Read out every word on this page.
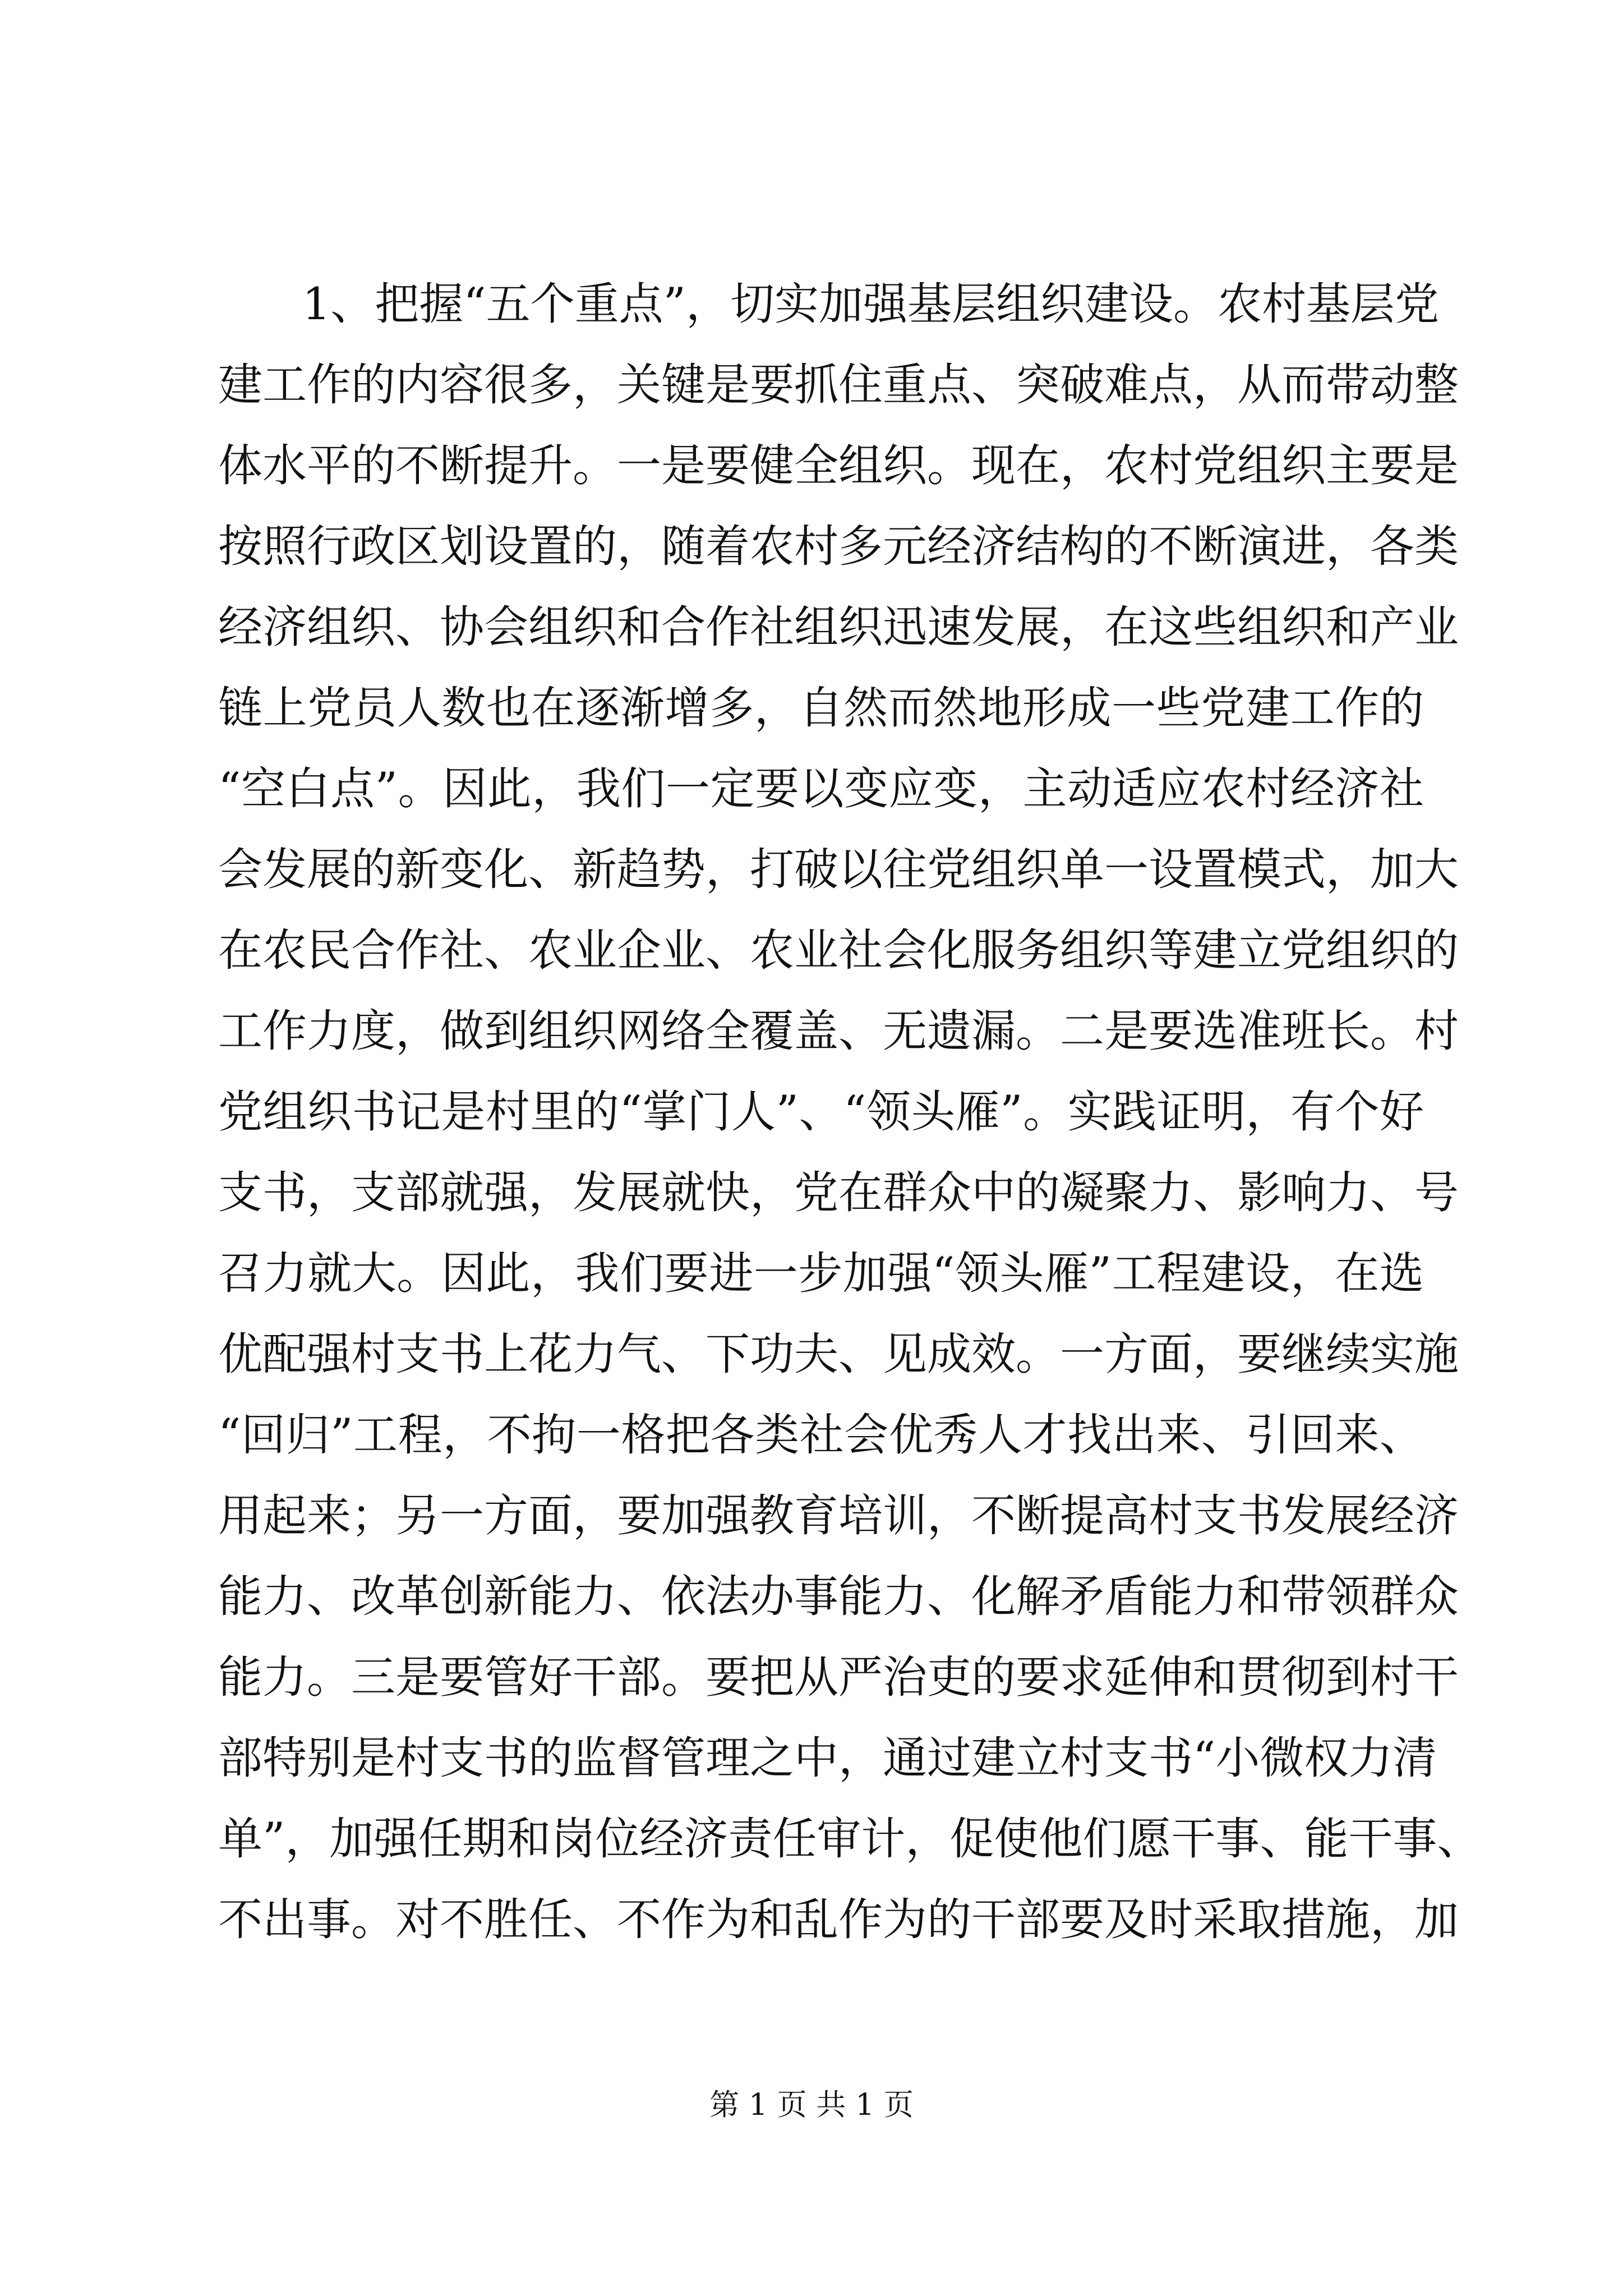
1、把握“五个重点”，切实加强基层组织建设。农村基层党
建工作的内容很多，关键是要抓住重点、突破难点，从而带动整
体水平的不断提升。一是要健全组织。现在，农村党组织主要是
按照行政区划设置的，随着农村多元经济结构的不断演进，各类
经济组织、协会组织和合作社组织迅速发展，在这些组织和产业
链上党员人数也在逐渐增多，自然而然地形成一些党建工作的
“空白点”。因此，我们一定要以变应变，主动适应农村经济社
会发展的新变化、新趋势，打破以往党组织单一设置模式，加大
在农民合作社、农业企业、农业社会化服务组织等建立党组织的
工作力度，做到组织网络全覆盖、无遗漏。二是要选准班长。村
党组织书记是村里的“掌门人”、“领头雁”。实践证明，有个好
支书，支部就强，发展就快，党在群众中的凝聚力、影响力、号
召力就大。因此，我们要进一步加强“领头雁”工程建设，在选
优配强村支书上花力气、下功夫、见成效。一方面，要继续实施
“回归”工程，不拘一格把各类社会优秀人才找出来、引回来、
用起来；另一方面，要加强教育培训，不断提高村支书发展经济
能力、改革创新能力、依法办事能力、化解矛盾能力和带领群众
能力。三是要管好干部。要把从严治吏的要求延伸和贯彻到村干
部特别是村支书的监督管理之中，通过建立村支书“小微权力清
单”，加强任期和岗位经济责任审计，促使他们愿干事、能干事、
不出事。对不胜任、不作为和乱作为的干部要及时采取措施，加
第 1 页 共 1 页
